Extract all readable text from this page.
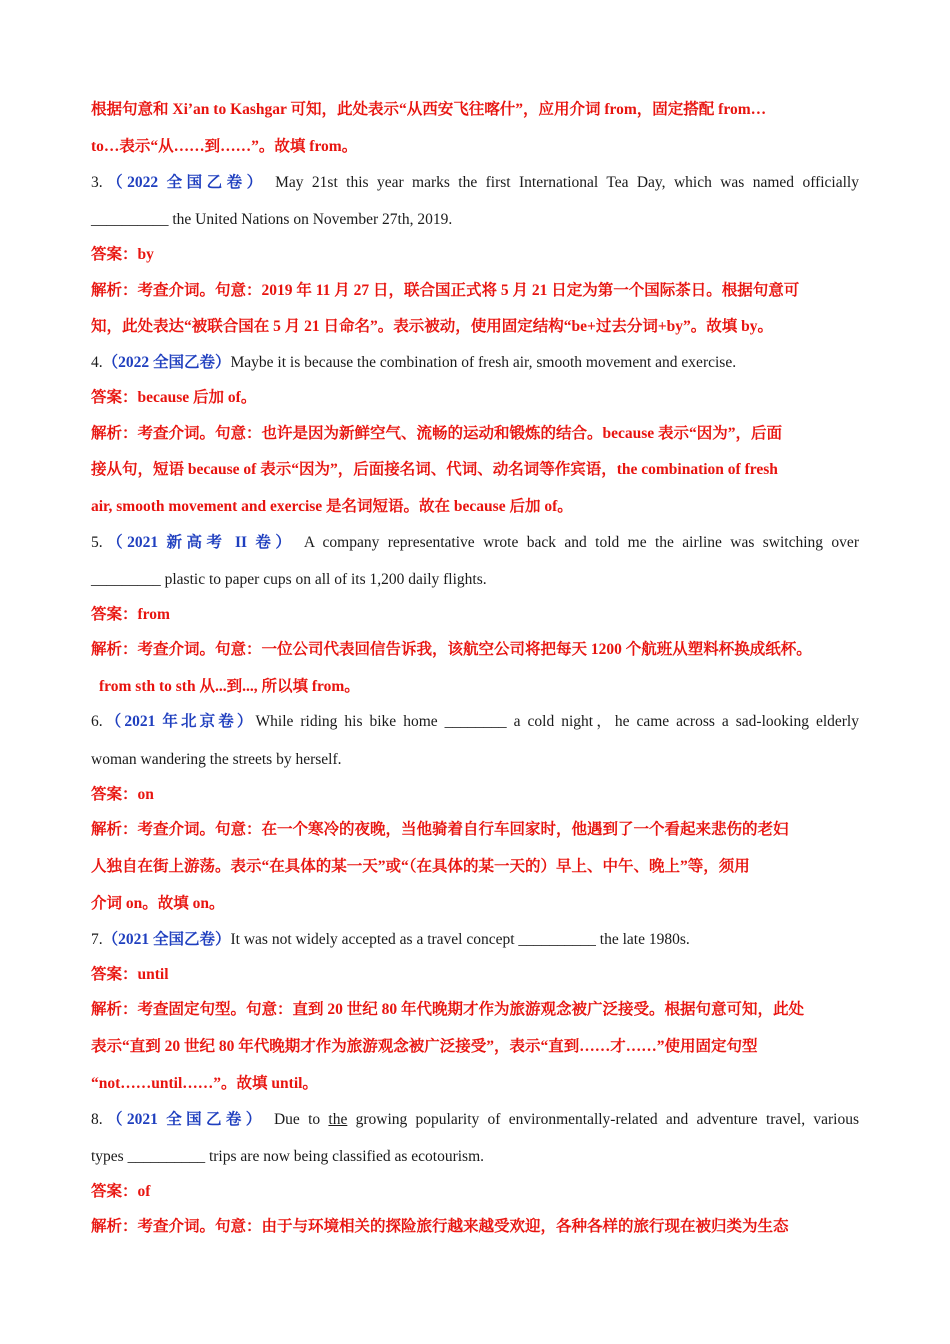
根据句意和 Xi’an to Kashgar 可知，此处表示“从西安飞往喀什”，应用介词 from，固定搭配 from…
to…表示“从……到……”。故填 from。
3.（2022 全国乙卷） May 21st this year marks the first International Tea Day, which was named officially
__________ the United Nations on November 27th, 2019.
答案：by
解析：考查介词。句意：2019 年 11 月 27 日，联合国正式将 5 月 21 日定为第一个国际茶日。根据句意可
知，此处表达“被联合国在 5 月 21 日命名”。表示被动，使用固定结构“be+过去分词+by”。故填 by。
4.（2022 全国乙卷）Maybe it is because the combination of fresh air, smooth movement and exercise.
答案：because 后加 of。
解析：考查介词。句意：也许是因为新鲜空气、流畅的运动和锻炼的结合。because 表示“因为”，后面
接从句，短语 because of 表示“因为”，后面接名词、代词、动名词等作宾语，the combination of fresh
air, smooth movement and exercise 是名词短语。故在 because 后加 of。
5.（2021 新高考 II 卷） A company representative wrote back and told me the airline was switching over
_________ plastic to paper cups on all of its 1,200 daily flights.
答案：from
解析：考查介词。句意：一位公司代表回信告诉我，该航空公司将把每天 1200 个航班从塑料杯换成纸杯。
from sth to sth 从...到..., 所以填 from。
6.（2021 年北京卷）While riding his bike home ________ a cold night，he came across a sad-looking elderly
woman wandering the streets by herself.
答案：on
解析：考查介词。句意：在一个寒冷的夜晚，当他骑着自行车回家时，他遇到了一个看起来悲伤的老妇
人独自在街上游荡。表示“在具体的某一天”或“（在具体的某一天的）早上、中午、晚上”等，须用
介词 on。故填 on。
7.（2021 全国乙卷）It was not widely accepted as a travel concept __________ the late 1980s.
答案：until
解析：考查固定句型。句意：直到 20 世纪 80 年代晚期才作为旅游观念被广泛接受。根据句意可知，此处
表示“直到 20 世纪 80 年代晚期才作为旅游观念被广泛接受”，表示“直到……才……”使用固定句型
“not……until……”。故填 until。
8.（2021 全国乙卷） Due to the growing popularity of environmentally-related and adventure travel, various
types __________ trips are now being classified as ecotourism.
答案：of
解析：考查介词。句意：由于与环境相关的探险旅行越来越受欢迎，各种各样的旅行现在被归类为生态
